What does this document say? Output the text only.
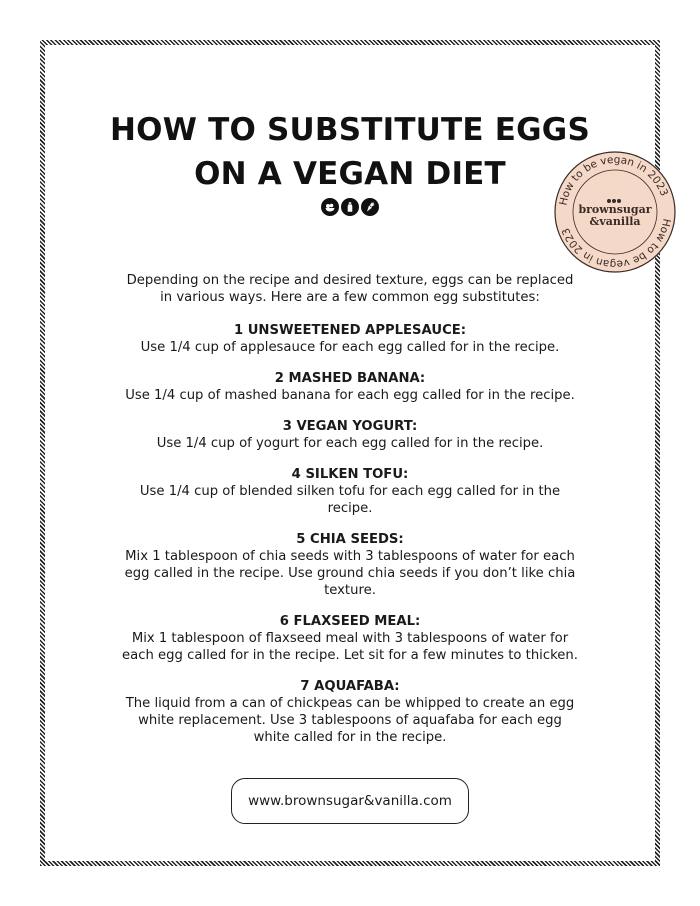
HOW TO SUBSTITUTE EGGS
ON A VEGAN DIET
How to be vegan in 2023
How to be vegan in 2023
brownsugar
&vanilla

Depending on the recipe and desired texture, eggs can be replaced in various ways. Here are a few common egg substitutes:

1 UNSWEETENED APPLESAUCE:
Use 1/4 cup of applesauce for each egg called for in the recipe.
2 MASHED BANANA:
Use 1/4 cup of mashed banana for each egg called for in the recipe.
3 VEGAN YOGURT:
Use 1/4 cup of yogurt for each egg called for in the recipe.
4 SILKEN TOFU:
Use 1/4 cup of blended silken tofu for each egg called for in the recipe.
5 CHIA SEEDS:
Mix 1 tablespoon of chia seeds with 3 tablespoons of water for each egg called in the recipe. Use ground chia seeds if you don’t like chia texture.
6 FLAXSEED MEAL:
Mix 1 tablespoon of flaxseed meal with 3 tablespoons of water for each egg called for in the recipe. Let sit for a few minutes to thicken.
7 AQUAFABA:
The liquid from a can of chickpeas can be whipped to create an egg white replacement. Use 3 tablespoons of aquafaba for each egg white called for in the recipe.
www.brownsugar&vanilla.com
